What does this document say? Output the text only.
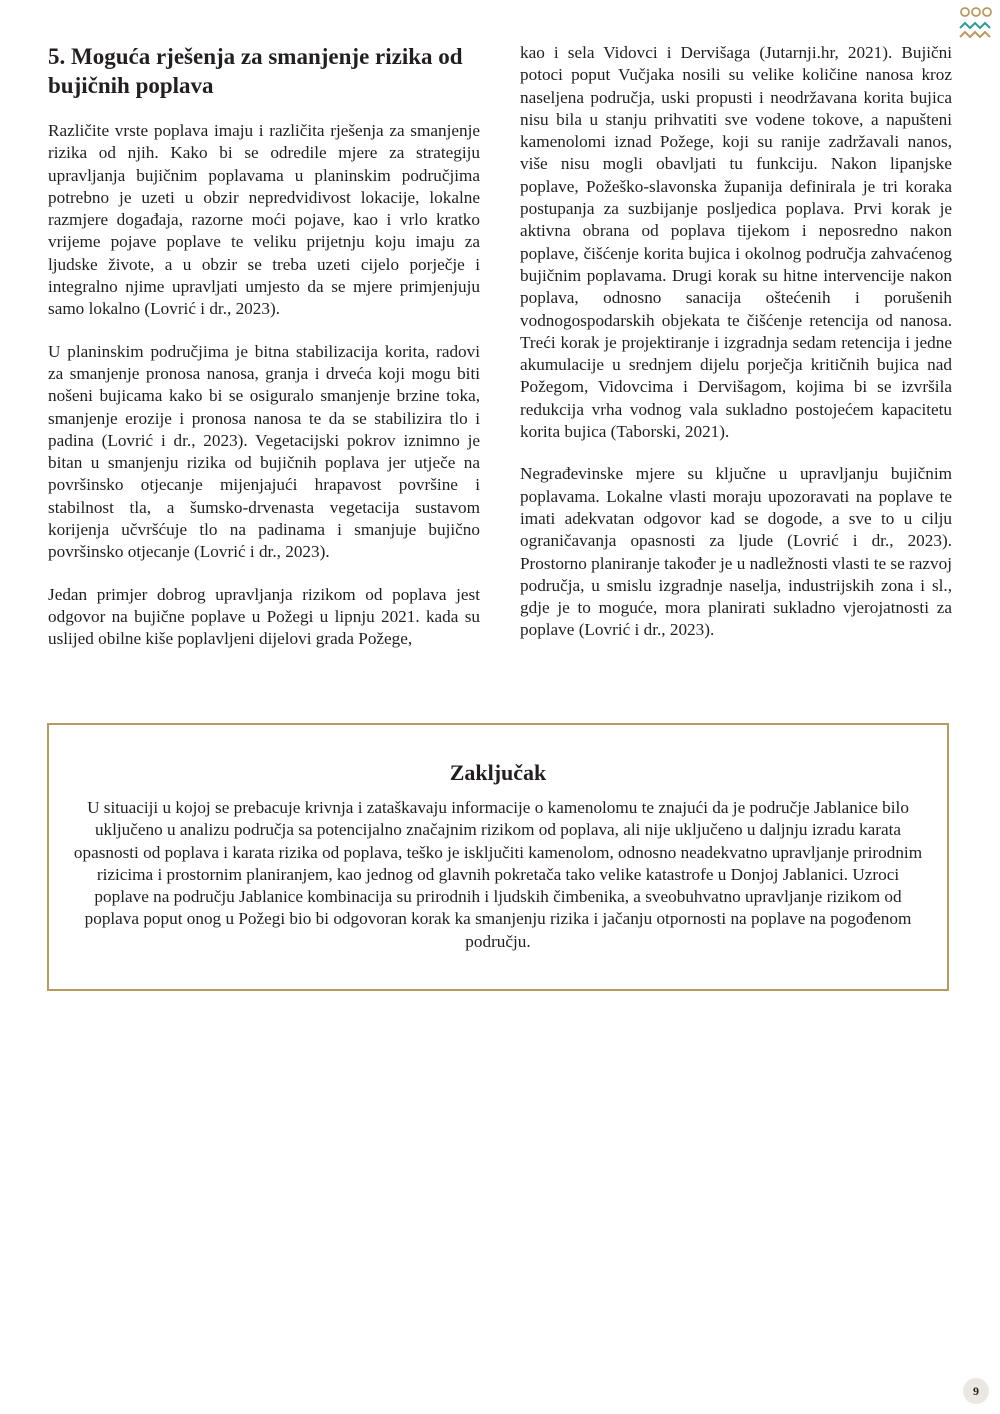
5. Moguća rješenja za smanjenje rizika od bujičnih poplava

Različite vrste poplava imaju i različita rješenja za smanjenje rizika od njih. Kako bi se odredile mjere za strategiju upravljanja bujičnim poplavama u planinskim područjima potrebno je uzeti u obzir nepredvidivost lokacije, lokalne razmjere događaja, razorne moći pojave, kao i vrlo kratko vrijeme pojave poplave te veliku prijetnju koju imaju za ljudske živote, a u obzir se treba uzeti cijelo porječje i integralno njime upravljati umjesto da se mjere primjenjuju samo lokalno (Lovrić i dr., 2023).

U planinskim područjima je bitna stabilizacija korita, radovi za smanjenje pronosa nanosa, granja i drveća koji mogu biti nošeni bujicama kako bi se osiguralo smanjenje brzine toka, smanjenje erozije i pronosa nanosa te da se stabilizira tlo i padina (Lovrić i dr., 2023). Vegetacijski pokrov iznimno je bitan u smanjenju rizika od bujičnih poplava jer utječe na površinsko otjecanje mijenjajući hrapavost površine i stabilnost tla, a šumsko-drvenasta vegetacija sustavom korijenja učvršćuje tlo na padinama i smanjuje bujično površinsko otjecanje (Lovrić i dr., 2023).

Jedan primjer dobrog upravljanja rizikom od poplava jest odgovor na bujične poplave u Požegi u lipnju 2021. kada su uslijed obilne kiše poplavljeni dijelovi grada Požege,

kao i sela Vidovci i Dervišaga (Jutarnji.hr, 2021). Bujični potoci poput Vučjaka nosili su velike količine nanosa kroz naseljena područja, uski propusti i neodržavana korita bujica nisu bila u stanju prihvatiti sve vodene tokove, a napušteni kamenolomi iznad Požege, koji su ranije zadržavali nanos, više nisu mogli obavljati tu funkciju. Nakon lipanjske poplave, Požeško-slavonska županija definirala je tri koraka postupanja za suzbijanje posljedica poplava. Prvi korak je aktivna obrana od poplava tijekom i neposredno nakon poplave, čišćenje korita bujica i okolnog područja zahvaćenog bujičnim poplavama. Drugi korak su hitne intervencije nakon poplava, odnosno sanacija oštećenih i porušenih vodnogospodarskih objekata te čišćenje retencija od nanosa. Treći korak je projektiranje i izgradnja sedam retencija i jedne akumulacije u srednjem dijelu porječja kritičnih bujica nad Požegom, Vidovcima i Dervišagom, kojima bi se izvršila redukcija vrha vodnog vala sukladno postojećem kapacitetu korita bujica (Taborski, 2021).

Negrađevinske mjere su ključne u upravljanju bujičnim poplavama. Lokalne vlasti moraju upozoravati na poplave te imati adekvatan odgovor kad se dogode, a sve to u cilju ograničavanja opasnosti za ljude (Lovrić i dr., 2023). Prostorno planiranje također je u nadležnosti vlasti te se razvoj područja, u smislu izgradnje naselja, industrijskih zona i sl., gdje je to moguće, mora planirati sukladno vjerojatnosti za poplave (Lovrić i dr., 2023).

Zaključak

U situaciji u kojoj se prebacuje krivnja i zataškavaju informacije o kamenolomu te znajući da je područje Jablanice bilo uključeno u analizu područja sa potencijalno značajnim rizikom od poplava, ali nije uključeno u daljnju izradu karata opasnosti od poplava i karata rizika od poplava, teško je isključiti kamenolom, odnosno neadekvatno upravljanje prirodnim rizicima i prostornim planiranjem, kao jednog od glavnih pokretača tako velike katastrofe u Donjoj Jablanici. Uzroci poplave na području Jablanice kombinacija su prirodnih i ljudskih čimbenika, a sveobuhvatno upravljanje rizikom od poplava poput onog u Požegi bio bi odgovoran korak ka smanjenju rizika i jačanju otpornosti na poplave na pogođenom području.

9
